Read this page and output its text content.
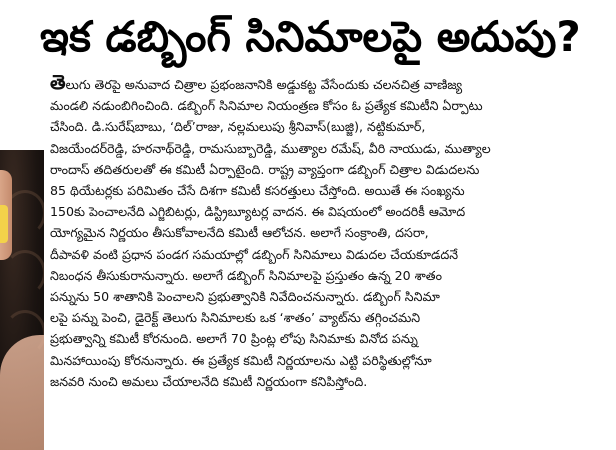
ఇక డబ్బింగ్ సినిమాలపై అదుపు?
తెలుగు తెరపై అనువాద చిత్రాల ప్రభంజనానికి అడ్డుకట్ట వేసేందుకు చలనచిత్ర వాణిజ్య
మండలి నడుంబిగించింది. డబ్బింగ్ సినిమాల నియంత్రణ కోసం ఓ ప్రత్యేక కమిటీని ఏర్పాటు
చేసింది. డి.సురేష్‌బాబు, ‘దిల్’రాజు, నల్లమలుపు శ్రీనివాస్(బుజ్జి), నట్టికుమార్,
విజయేందర్‌రెడ్డి, హరనాథ్‌రెడ్డి, రామసుబ్బారెడ్డి, ముత్యాల రమేష్, వీరి నాయుడు, ముత్యాల
రాందాస్ తదితరులతో ఈ కమిటీ ఏర్పాటైంది. రాష్ట్ర వ్యాప్తంగా డబ్బింగ్ చిత్రాల విడుదలను
85 థియేటర్లకు పరిమితం చేసే దిశగా కమిటీ కసరత్తులు చేస్తోంది. అయితే ఈ సంఖ్యను
150కు పెంచాలనేది ఎగ్జిబిటర్లు, డిస్ట్రిబ్యూటర్ల వాదన. ఈ విషయంలో అందరికీ ఆమోద
యోగ్యమైన నిర్ణయం తీసుకోవాలనేది కమిటీ ఆలోచన. అలాగే సంక్రాంతి, దసరా,
దీపావళి వంటి ప్రధాన పండగ సమయాల్లో డబ్బింగ్ సినిమాలు విడుదల చేయకూడదనే
నిబంధన తీసుకురానున్నారు. అలాగే డబ్బింగ్ సినిమాలపై ప్రస్తుతం ఉన్న 20 శాతం
పన్నును 50 శాతానికి పెంచాలని ప్రభుత్వానికి నివేదించనున్నారు. డబ్బింగ్ సినిమా
లపై పన్ను పెంచి, డైరెక్ట్ తెలుగు సినిమాలకు ఒక ‘శాతం’ వ్యాట్‌ను తగ్గించమని
ప్రభుత్వాన్ని కమిటీ కోరనుంది. అలాగే 70 ప్రింట్ల లోపు సినిమాకు వినోద పన్ను
మినహాయింపు కోరనున్నారు. ఈ ప్రత్యేక కమిటీ నిర్ణయాలను ఎట్టి పరిస్థితుల్లోనూ
జనవరి నుంచి అమలు చేయాలనేది కమిటీ నిర్ణయంగా కనిపిస్తోంది.
